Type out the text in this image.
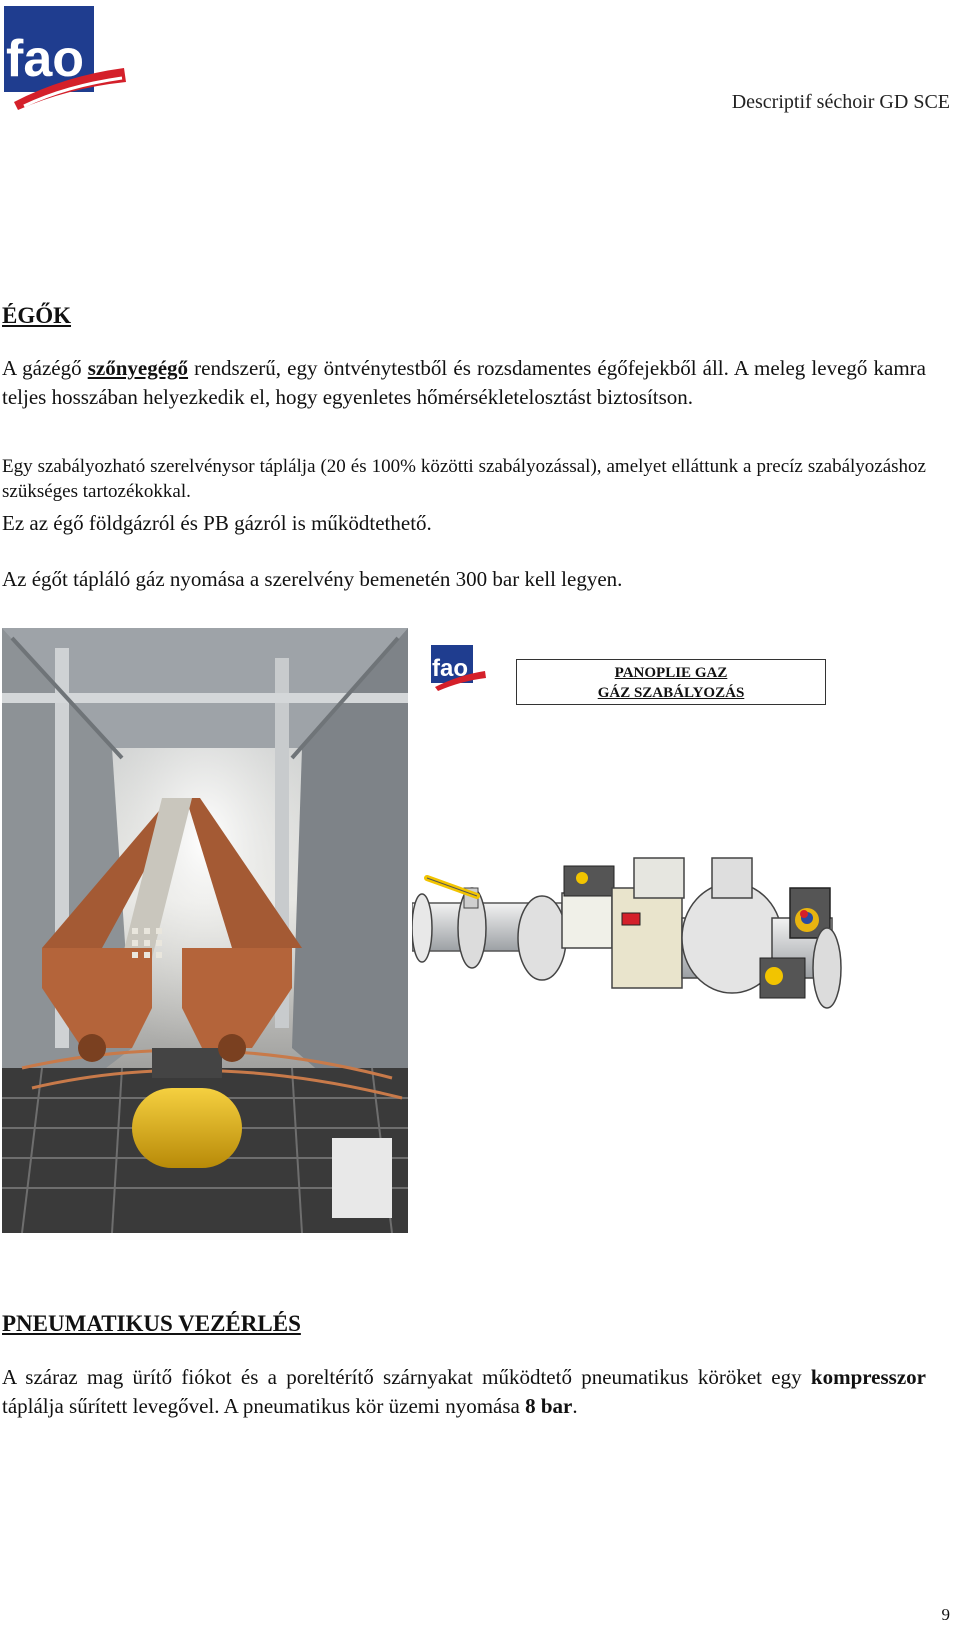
fao
Descriptif séchoir GD SCE
ÉGŐK

A gázégő szőnyegégő rendszerű, egy öntvénytestből és rozsdamentes égőfejekből áll. A meleg levegő kamra teljes hosszában helyezkedik el, hogy egyenletes hőmérsékletelosztást biztosítson.

Egy szabályozható szerelvénysor táplálja (20 és 100% közötti szabályozással), amelyet elláttunk a precíz szabályozáshoz szükséges tartozékokkal.

Ez az égő földgázról és PB gázról is működtethető.

Az égőt tápláló gáz nyomása a szerelvény bemenetén 300 bar kell legyen.

fao	PANOPLIE GAZ
GÁZ SZABÁLYOZÁS
PNEUMATIKUS VEZÉRLÉS

A száraz mag ürítő fiókot és a poreltérítő szárnyakat működtető pneumatikus köröket egy kompresszor táplálja sűrített levegővel. A pneumatikus kör üzemi nyomása 8 bar.

9
